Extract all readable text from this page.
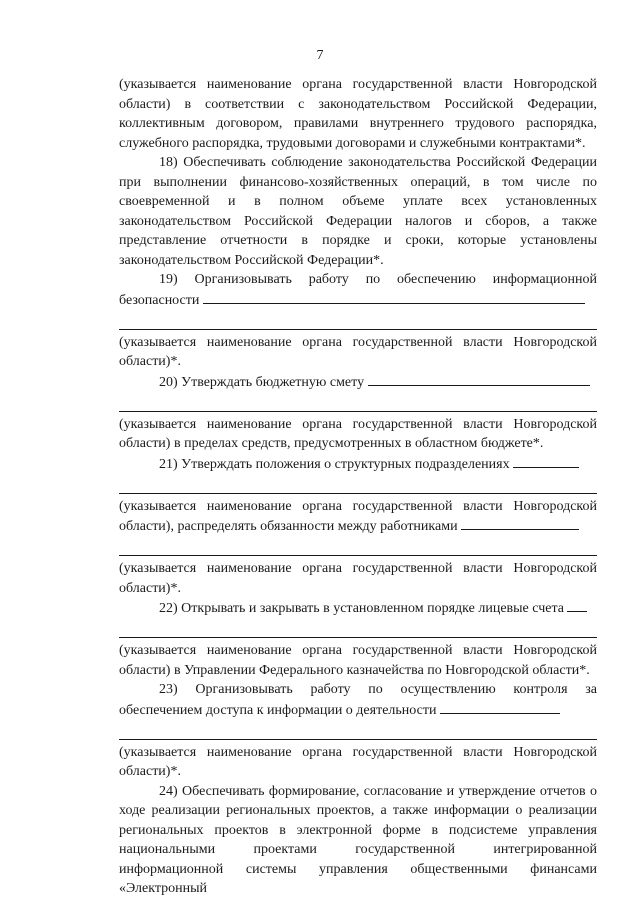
7
(указывается наименование органа государственной власти Новгородской области) в соответствии с законодательством Российской Федерации, коллективным договором, правилами внутреннего трудового распорядка, служебного распорядка, трудовыми договорами и служебными контрактами*.
18) Обеспечивать соблюдение законодательства Российской Федерации при выполнении финансово-хозяйственных операций, в том числе по своевременной и в полном объеме уплате всех установленных законодательством Российской Федерации налогов и сборов, а также представление отчетности в порядке и сроки, которые установлены законодательством Российской Федерации*.
19) Организовывать работу по обеспечению информационной безопасности
(указывается наименование органа государственной власти Новгородской области)*.
20) Утверждать бюджетную смету
(указывается наименование органа государственной власти Новгородской области) в пределах средств, предусмотренных в областном бюджете*.
21) Утверждать положения о структурных подразделениях
(указывается наименование органа государственной власти Новгородской области), распределять обязанности между работниками
(указывается наименование органа государственной власти Новгородской области)*.
22) Открывать и закрывать в установленном порядке лицевые счета
(указывается наименование органа государственной власти Новгородской области) в Управлении Федерального казначейства по Новгородской области*.
23) Организовывать работу по осуществлению контроля за обеспечением доступа к информации о деятельности
(указывается наименование органа государственной власти Новгородской области)*.
24) Обеспечивать формирование, согласование и утверждение отчетов о ходе реализации региональных проектов, а также информации о реализации региональных проектов в электронной форме в подсистеме управления национальными проектами государственной интегрированной информационной системы управления общественными финансами «Электронный
